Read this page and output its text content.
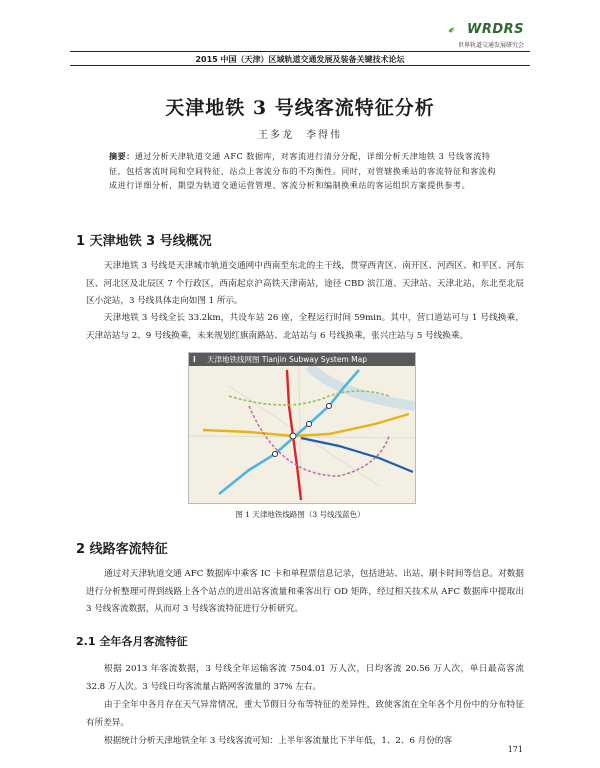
WRDRS
世界轨道交通发展研究会
2015 中国（天津）区域轨道交通发展及装备关键技术论坛
天津地铁 3 号线客流特征分析
王多龙　李得伟
摘要：通过分析天津轨道交通 AFC 数据库，对客流进行清分分配，详细分析天津地铁 3 号线客流特征，包括客流时间和空间特征、站点上客流分布的不均衡性。同时，对管辖换乘站的客流特征和客流构成进行详细分析，期望为轨道交通运营管理、客流分析和编制换乘站的客运组织方案提供参考。
1 天津地铁 3 号线概况
天津地铁 3 号线是天津城市轨道交通网中西南至东北的主干线，贯穿西青区、南开区、河西区、和平区、河东区、河北区及北辰区 7 个行政区，西南起京沪高铁天津南站，途径 CBD 滨江道、天津站、天津北站，东北至北辰区小淀站，3 号线具体走向如图 1 所示。
天津地铁 3 号线全长 33.2km，共设车站 26 座，全程运行时间 59min。其中，营口道站可与 1 号线换乘，天津站站与 2、9 号线换乘，未来规划红旗南路站、北站站与 6 号线换乘，张兴庄站与 5 号线换乘。
i	天津地铁线网图 Tianjin Subway System Map
图 1 天津地铁线路图（3 号线浅蓝色）
2 线路客流特征
通过对天津轨道交通 AFC 数据库中乘客 IC 卡和单程票信息记录，包括进站、出站、刷卡时间等信息。对数据进行分析整理可得到线路上各个站点的进出站客流量和乘客出行 OD 矩阵，经过相关技术从 AFC 数据库中提取出 3 号线客流数据，从而对 3 号线客流特征进行分析研究。
2.1 全年各月客流特征
根据 2013 年客流数据，3 号线全年运输客流 7504.01 万人次，日均客流 20.56 万人次，单日最高客流 32.8 万人次。3 号线日均客流量占路网客流量的 37% 左右。
由于全年中各月存在天气异常情况，重大节假日分布等特征的差异性，致使客流在全年各个月份中的分布特征有所差异。
根据统计分析天津地铁全年 3 号线客流可知：上半年客流量比下半年低，1、2、6 月份的客
171
